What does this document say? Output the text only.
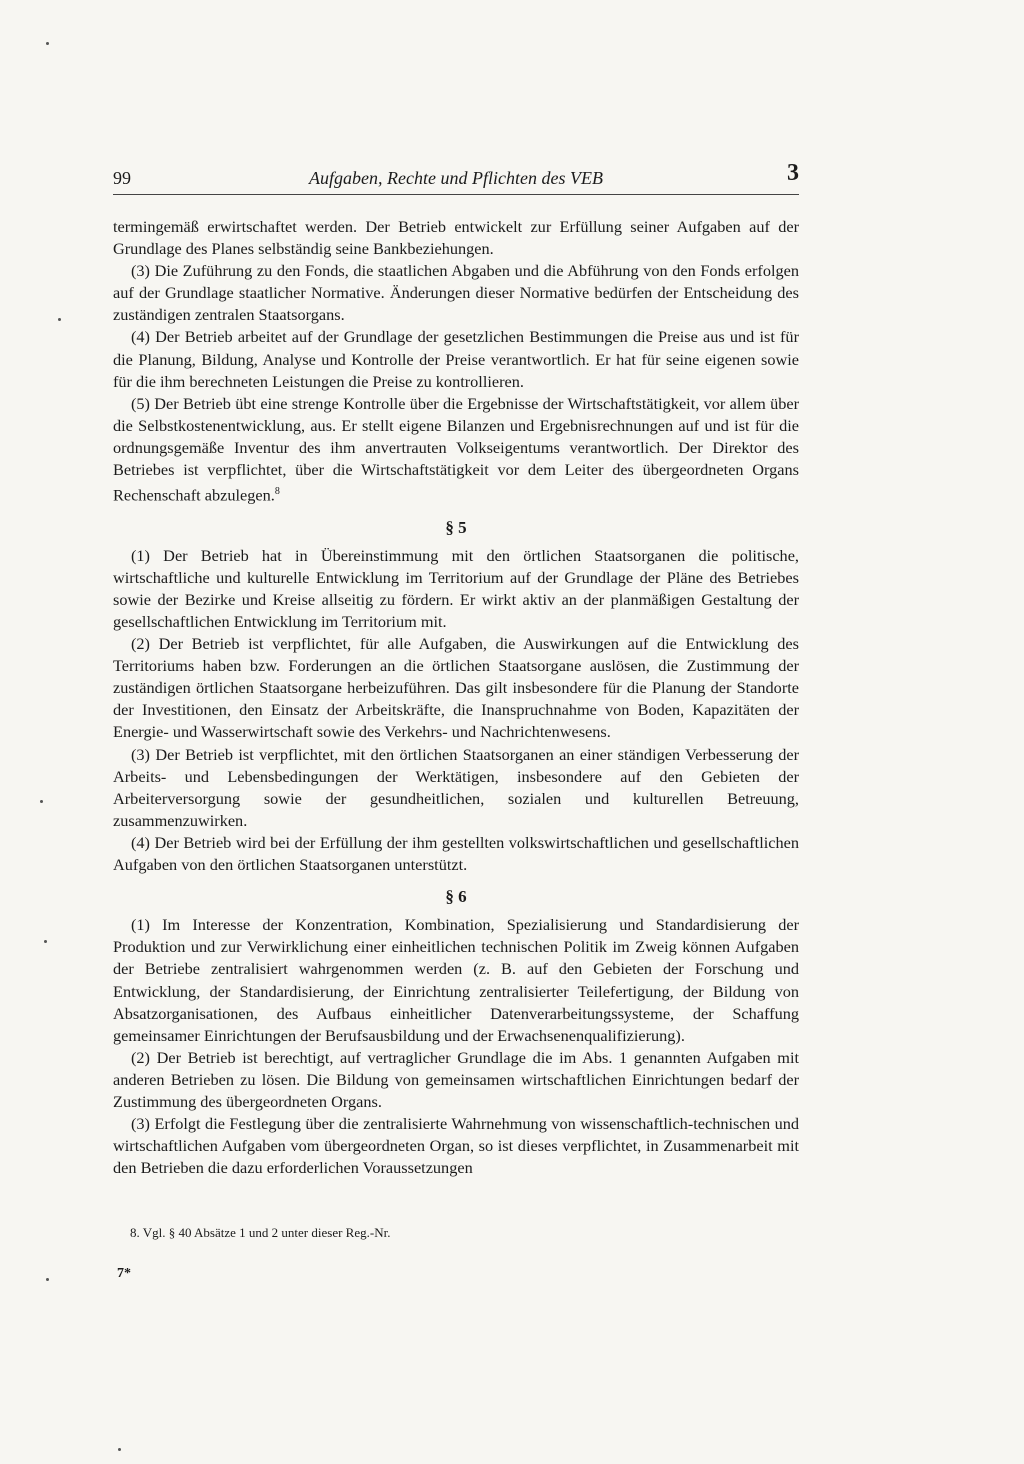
99	Aufgaben, Rechte und Pflichten des VEB	3

termingemäß erwirtschaftet werden. Der Betrieb entwickelt zur Erfüllung seiner Aufgaben auf der Grundlage des Planes selbständig seine Bankbeziehungen.

(3) Die Zuführung zu den Fonds, die staatlichen Abgaben und die Abführung von den Fonds erfolgen auf der Grundlage staatlicher Normative. Änderungen dieser Normative bedürfen der Entscheidung des zuständigen zentralen Staatsorgans.

(4) Der Betrieb arbeitet auf der Grundlage der gesetzlichen Bestimmungen die Preise aus und ist für die Planung, Bildung, Analyse und Kontrolle der Preise verantwortlich. Er hat für seine eigenen sowie für die ihm berechneten Leistungen die Preise zu kontrollieren.

(5) Der Betrieb übt eine strenge Kontrolle über die Ergebnisse der Wirtschaftstätigkeit, vor allem über die Selbstkostenentwicklung, aus. Er stellt eigene Bilanzen und Ergebnisrechnungen auf und ist für die ordnungsgemäße Inventur des ihm anvertrauten Volkseigentums verantwortlich. Der Direktor des Betriebes ist verpflichtet, über die Wirtschaftstätigkeit vor dem Leiter des übergeordneten Organs Rechenschaft abzulegen.$^8$

§ 5

(1) Der Betrieb hat in Übereinstimmung mit den örtlichen Staatsorganen die politische, wirtschaftliche und kulturelle Entwicklung im Territorium auf der Grundlage der Pläne des Betriebes sowie der Bezirke und Kreise allseitig zu fördern. Er wirkt aktiv an der planmäßigen Gestaltung der gesellschaftlichen Entwicklung im Territorium mit.

(2) Der Betrieb ist verpflichtet, für alle Aufgaben, die Auswirkungen auf die Entwicklung des Territoriums haben bzw. Forderungen an die örtlichen Staatsorgane auslösen, die Zustimmung der zuständigen örtlichen Staatsorgane herbeizuführen. Das gilt insbesondere für die Planung der Standorte der Investitionen, den Einsatz der Arbeitskräfte, die Inanspruchnahme von Boden, Kapazitäten der Energie- und Wasserwirtschaft sowie des Verkehrs- und Nachrichtenwesens.

(3) Der Betrieb ist verpflichtet, mit den örtlichen Staatsorganen an einer ständigen Verbesserung der Arbeits- und Lebensbedingungen der Werktätigen, insbesondere auf den Gebieten der Arbeiterversorgung sowie der gesundheitlichen, sozialen und kulturellen Betreuung, zusammenzuwirken.

(4) Der Betrieb wird bei der Erfüllung der ihm gestellten volkswirtschaftlichen und gesellschaftlichen Aufgaben von den örtlichen Staatsorganen unterstützt.

§ 6

(1) Im Interesse der Konzentration, Kombination, Spezialisierung und Standardisierung der Produktion und zur Verwirklichung einer einheitlichen technischen Politik im Zweig können Aufgaben der Betriebe zentralisiert wahrgenommen werden (z. B. auf den Gebieten der Forschung und Entwicklung, der Standardisierung, der Einrichtung zentralisierter Teilefertigung, der Bildung von Absatzorganisationen, des Aufbaus einheitlicher Datenverarbeitungssysteme, der Schaffung gemeinsamer Einrichtungen der Berufsausbildung und der Erwachsenenqualifizierung).

(2) Der Betrieb ist berechtigt, auf vertraglicher Grundlage die im Abs. 1 genannten Aufgaben mit anderen Betrieben zu lösen. Die Bildung von gemeinsamen wirtschaftlichen Einrichtungen bedarf der Zustimmung des übergeordneten Organs.

(3) Erfolgt die Festlegung über die zentralisierte Wahrnehmung von wissenschaftlich-technischen und wirtschaftlichen Aufgaben vom übergeordneten Organ, so ist dieses verpflichtet, in Zusammenarbeit mit den Betrieben die dazu erforderlichen Voraussetzungen

8. Vgl. § 40 Absätze 1 und 2 unter dieser Reg.-Nr.
7*
